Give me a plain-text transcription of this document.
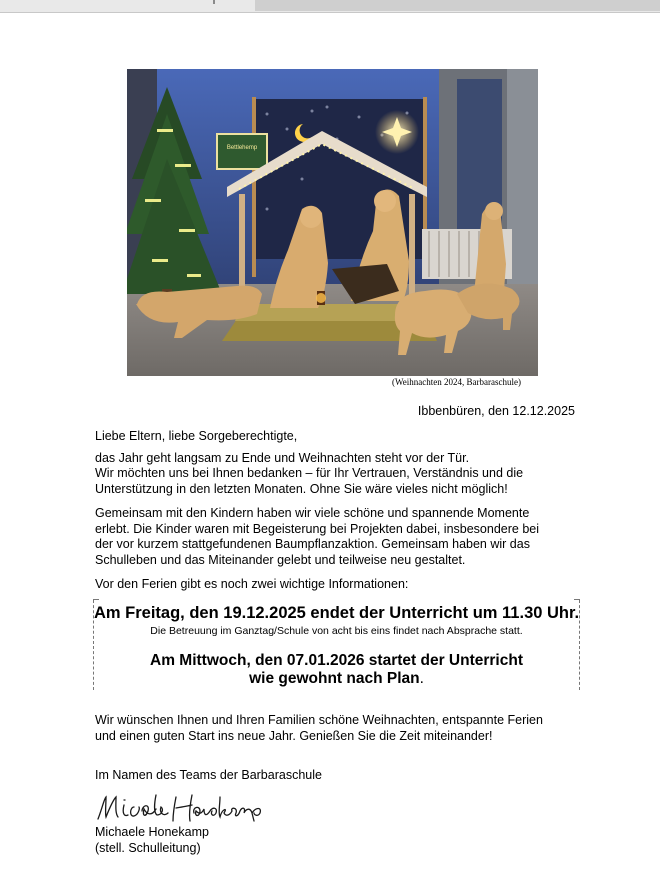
Bettlehemp
(Weihnachten 2024, Barbaraschule)
Ibbenbüren, den 12.12.2025
Liebe Eltern, liebe Sorgeberechtigte,
das Jahr geht langsam zu Ende und Weihnachten steht vor der Tür.
Wir möchten uns bei Ihnen bedanken – für Ihr Vertrauen, Verständnis und die
Unterstützung in den letzten Monaten. Ohne Sie wäre vieles nicht möglich!
Gemeinsam mit den Kindern haben wir viele schöne und spannende Momente
erlebt. Die Kinder waren mit Begeisterung bei Projekten dabei, insbesondere bei
der vor kurzem stattgefundenen Baumpflanzaktion. Gemeinsam haben wir das
Schulleben und das Miteinander gelebt und teilweise neu gestaltet.
Vor den Ferien gibt es noch zwei wichtige Informationen:
Am Freitag, den 19.12.2025 endet der Unterricht um 11.30 Uhr.
Die Betreuung im Ganztag/Schule von acht bis eins findet nach Absprache statt.
Am Mittwoch, den 07.01.2026 startet der Unterricht
wie gewohnt nach Plan.
Wir wünschen Ihnen und Ihren Familien schöne Weihnachten, entspannte Ferien
und einen guten Start ins neue Jahr. Genießen Sie die Zeit miteinander!
Im Namen des Teams der Barbaraschule
Michaele Honekamp
(stell. Schulleitung)
